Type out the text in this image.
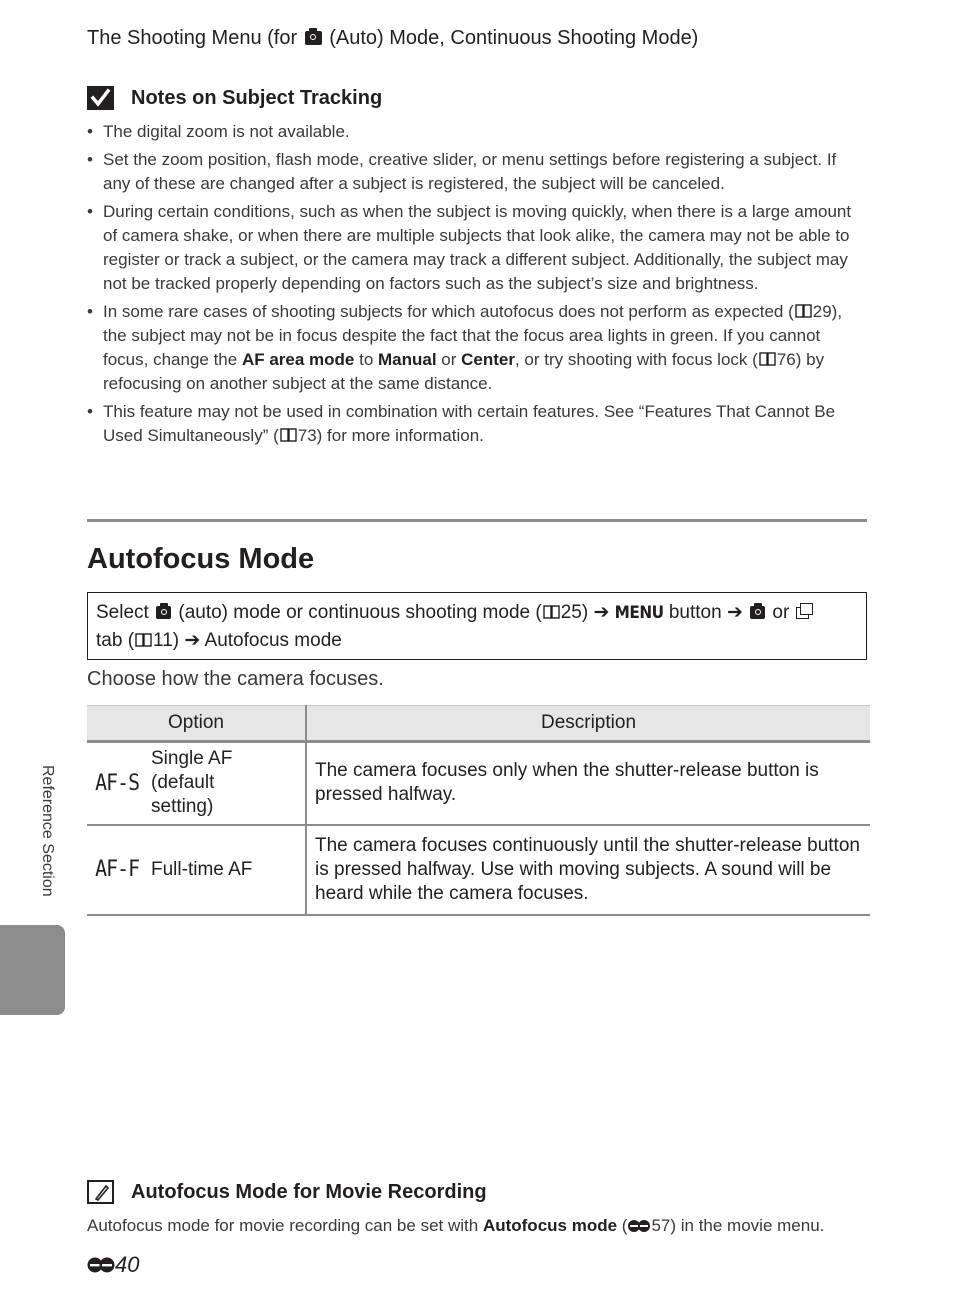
The Shooting Menu (for  (Auto) Mode, Continuous Shooting Mode)
Notes on Subject Tracking
• The digital zoom is not available.
• Set the zoom position, flash mode, creative slider, or menu settings before registering a subject. If any of these are changed after a subject is registered, the subject will be canceled.
• During certain conditions, such as when the subject is moving quickly, when there is a large amount of camera shake, or when there are multiple subjects that look alike, the camera may not be able to register or track a subject, or the camera may track a different subject. Additionally, the subject may not be tracked properly depending on factors such as the subject’s size and brightness.
• In some rare cases of shooting subjects for which autofocus does not perform as expected ( 29), the subject may not be in focus despite the fact that the focus area lights in green. If you cannot focus, change the AF area mode to Manual or Center, or try shooting with focus lock ( 76) by refocusing on another subject at the same distance.
• This feature may not be used in combination with certain features. See “Features That Cannot Be Used Simultaneously” ( 73) for more information.
Autofocus Mode
Select  (auto) mode or continuous shooting mode ( 25) ➔ MENU button ➔  or

tab ( 11) ➔ Autofocus mode
Choose how the camera focuses.
Option	Description

AF-S
Single AF (default setting)	The camera focuses only when the shutter-release button is pressed halfway.

AF-F Full-time AF	The camera focuses continuously until the shutter-release button is pressed halfway. Use with moving subjects. A sound will be heard while the camera focuses.
Reference Section
Autofocus Mode for Movie Recording
Autofocus mode for movie recording can be set with Autofocus mode ( 57) in the movie menu.
40
